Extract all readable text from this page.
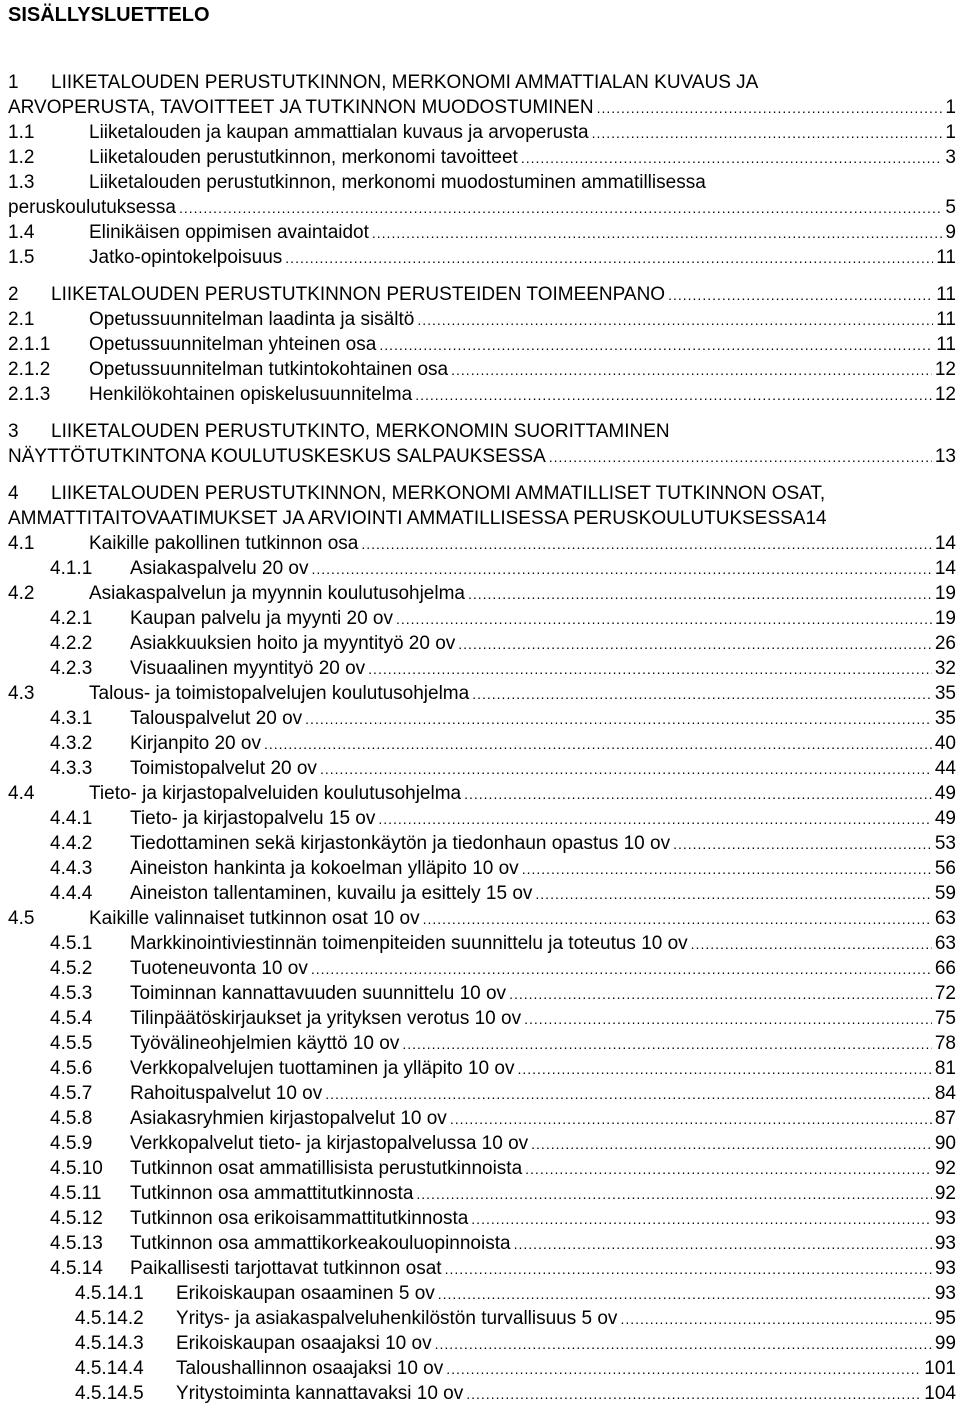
SISÄLLYSLUETTELO
1	LIIKETALOUDEN PERUSTUTKINNON, MERKONOMI AMMATTIALAN KUVAUS JA
ARVOPERUSTA, TAVOITTEET JA TUTKINNON MUODOSTUMINEN .....	1
1.1	Liiketalouden ja kaupan ammattialan kuvaus ja arvoperusta .....	1
1.2	Liiketalouden perustutkinnon, merkonomi tavoitteet .....	3
1.3	Liiketalouden perustutkinnon, merkonomi muodostuminen ammatillisessa
peruskoulutuksessa .....	5
1.4	Elinikäisen oppimisen avaintaidot .....	9
1.5	Jatko-opintokelpoisuus .....	11
2	LIIKETALOUDEN PERUSTUTKINNON PERUSTEIDEN TOIMEENPANO .....	11
2.1	Opetussuunnitelman laadinta ja sisältö .....	11
2.1.1	Opetussuunnitelman yhteinen osa .....	11
2.1.2	Opetussuunnitelman tutkintokohtainen osa .....	12
2.1.3	Henkilökohtainen opiskelusuunnitelma .....	12
3	LIIKETALOUDEN PERUSTUTKINTO, MERKONOMIN SUORITTAMINEN
NÄYTTÖTUTKINTONA KOULUTUSKESKUS SALPAUKSESSA .....	13
4	LIIKETALOUDEN PERUSTUTKINNON, MERKONOMI AMMATILLISET TUTKINNON OSAT,
AMMATTITAITOVAATIMUKSET JA ARVIOINTI AMMATILLISESSA PERUSKOULUTUKSESSA 14
4.1	Kaikille pakollinen tutkinnon osa .....	14
4.1.1	Asiakaspalvelu 20 ov .....	14
4.2	Asiakaspalvelun ja myynnin koulutusohjelma .....	19
4.2.1	Kaupan palvelu ja myynti 20 ov .....	19
4.2.2	Asiakkuuksien hoito ja myyntityö 20 ov .....	26
4.2.3	Visuaalinen myyntityö 20 ov .....	32
4.3	Talous- ja toimistopalvelujen koulutusohjelma .....	35
4.3.1	Talouspalvelut 20 ov .....	35
4.3.2	Kirjanpito 20 ov .....	40
4.3.3	Toimistopalvelut 20 ov .....	44
4.4	Tieto- ja kirjastopalveluiden koulutusohjelma .....	49
4.4.1	Tieto- ja kirjastopalvelu 15 ov .....	49
4.4.2	Tiedottaminen sekä kirjastonkäytön ja tiedonhaun opastus 10 ov .....	53
4.4.3	Aineiston hankinta ja kokoelman ylläpito 10 ov .....	56
4.4.4	Aineiston tallentaminen, kuvailu ja esittely 15 ov .....	59
4.5	Kaikille valinnaiset tutkinnon osat 10 ov .....	63
4.5.1	Markkinointiviestinnän toimenpiteiden suunnittelu ja toteutus 10 ov .....	63
4.5.2	Tuoteneuvonta 10 ov .....	66
4.5.3	Toiminnan kannattavuuden suunnittelu 10 ov .....	72
4.5.4	Tilinpäätöskirjaukset ja yrityksen verotus 10 ov .....	75
4.5.5	Työvälineohjelmien käyttö 10 ov .....	78
4.5.6	Verkkopalvelujen tuottaminen ja ylläpito 10 ov .....	81
4.5.7	Rahoituspalvelut 10 ov .....	84
4.5.8	Asiakasryhmien kirjastopalvelut 10 ov .....	87
4.5.9	Verkkopalvelut tieto- ja kirjastopalvelussa 10 ov .....	90
4.5.10	Tutkinnon osat ammatillisista perustutkinnoista .....	92
4.5.11	Tutkinnon osa ammattitutkinnosta .....	92
4.5.12	Tutkinnon osa erikoisammattitutkinnosta .....	93
4.5.13	Tutkinnon osa ammattikorkeakouluopinnoista .....	93
4.5.14	Paikallisesti tarjottavat tutkinnon osat .....	93
4.5.14.1	Erikoiskaupan osaaminen 5 ov .....	93
4.5.14.2	Yritys- ja asiakaspalveluhenkilöstön turvallisuus 5 ov .....	95
4.5.14.3	Erikoiskaupan osaajaksi 10 ov .....	99
4.5.14.4	Taloushallinnon osaajaksi 10 ov .....	101
4.5.14.5	Yritystoiminta kannattavaksi 10 ov .....	104
